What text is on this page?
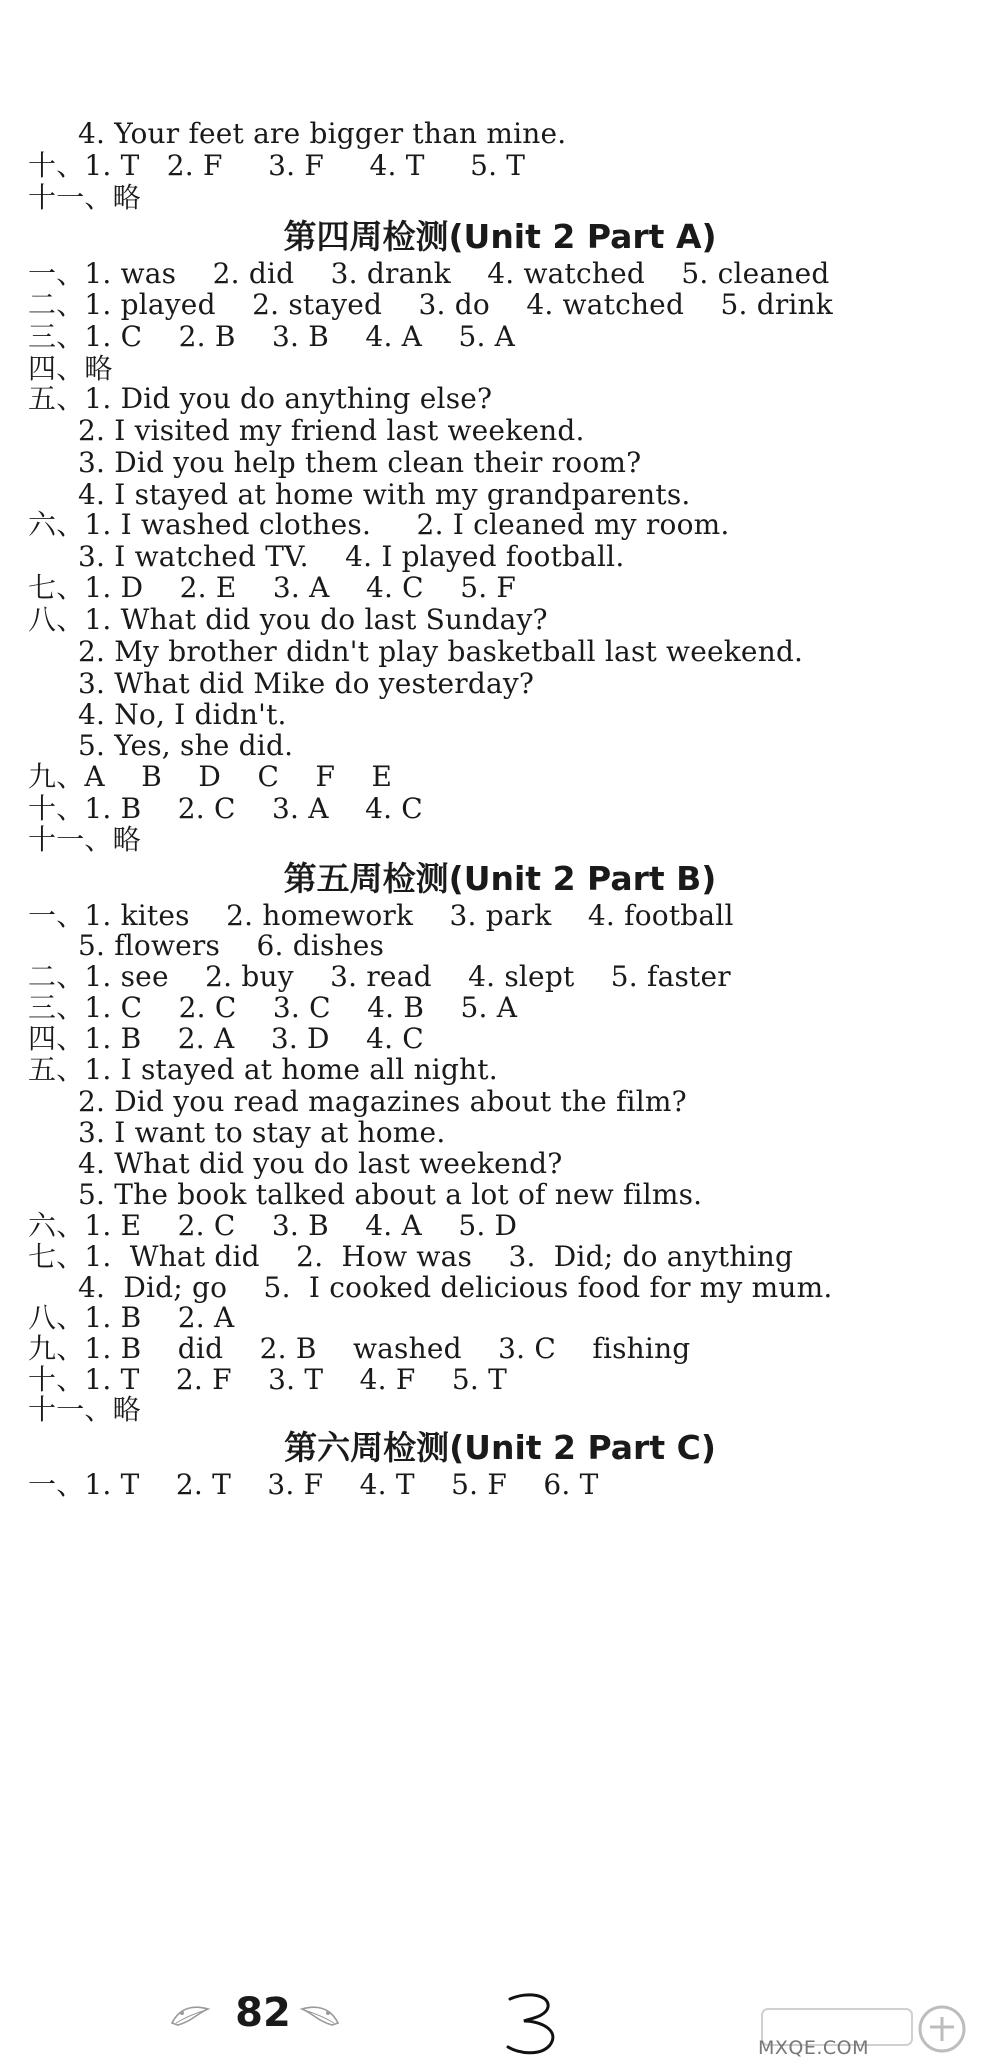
4. Your feet are bigger than mine.
十、1. T   2. F     3. F     4. T     5. T
十一、略
第四周检测(Unit 2 Part A)
一、1. was    2. did    3. drank    4. watched    5. cleaned
二、1. played    2. stayed    3. do    4. watched    5. drink
三、1. C    2. B    3. B    4. A    5. A
四、略
五、1. Did you do anything else?
2. I visited my friend last weekend.
3. Did you help them clean their room?
4. I stayed at home with my grandparents.
六、1. I washed clothes.     2. I cleaned my room.
3. I watched TV.    4. I played football.
七、1. D    2. E    3. A    4. C    5. F
八、1. What did you do last Sunday?
2. My brother didn't play basketball last weekend.
3. What did Mike do yesterday?
4. No, I didn't.
5. Yes, she did.
九、A    B    D    C    F    E
十、1. B    2. C    3. A    4. C
十一、略
第五周检测(Unit 2 Part B)
一、1. kites    2. homework    3. park    4. football
5. flowers    6. dishes
二、1. see    2. buy    3. read    4. slept    5. faster
三、1. C    2. C    3. C    4. B    5. A
四、1. B    2. A    3. D    4. C
五、1. I stayed at home all night.
2. Did you read magazines about the film?
3. I want to stay at home.
4. What did you do last weekend?
5. The book talked about a lot of new films.
六、1. E    2. C    3. B    4. A    5. D
七、1.  What did    2.  How was    3.  Did; do anything
4.  Did; go    5.  I cooked delicious food for my mum.
八、1. B    2. A
九、1. B    did    2. B    washed    3. C    fishing
十、1. T    2. F    3. T    4. F    5. T
十一、略
第六周检测(Unit 2 Part C)
一、1. T    2. T    3. F    4. T    5. F    6. T
82
MXQE.COM
